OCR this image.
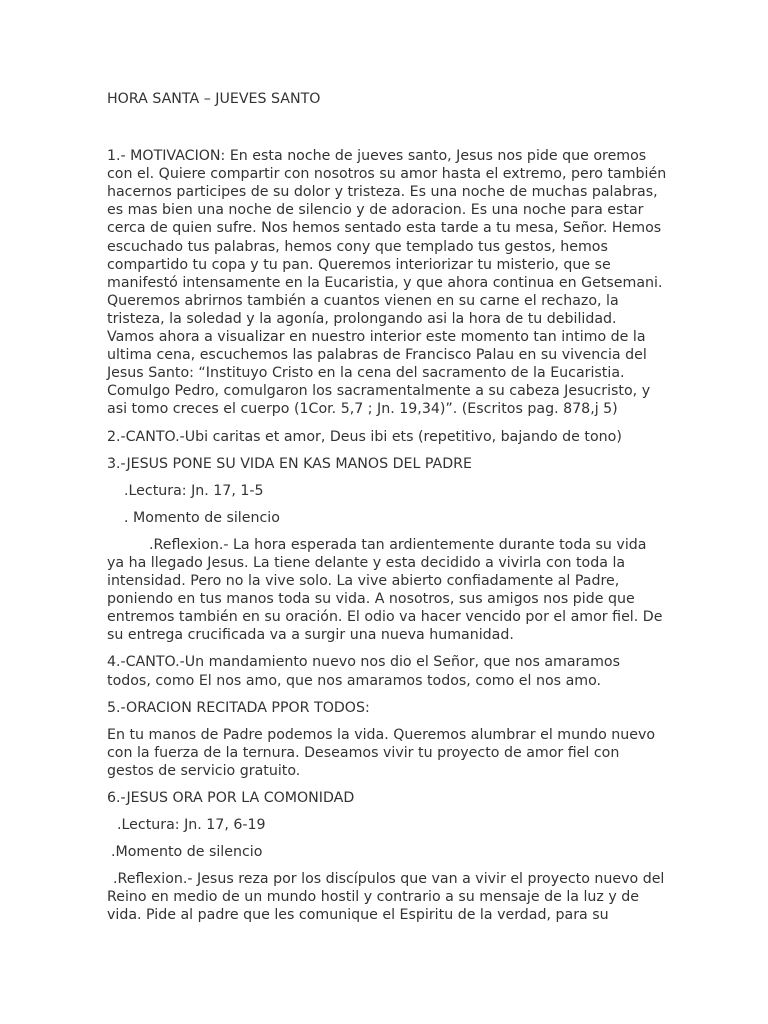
HORA SANTA – JUEVES SANTO

1.- MOTIVACION: En esta noche de jueves santo, Jesus nos pide que oremos con el. Quiere compartir con nosotros su amor hasta el extremo, pero también hacernos participes de su dolor y tristeza. Es una noche de muchas palabras, es mas bien una noche de silencio y de adoracion. Es una noche para estar cerca de quien sufre. Nos hemos sentado esta tarde a tu mesa, Señor. Hemos escuchado tus palabras, hemos cony que templado tus gestos, hemos compartido tu copa y tu pan. Queremos interiorizar tu misterio, que se manifestó intensamente en la Eucaristia, y que ahora continua en Getsemani. Queremos abrirnos también a cuantos vienen en su carne el rechazo, la tristeza, la soledad y la agonía, prolongando asi la hora de tu debilidad. Vamos ahora a visualizar en nuestro interior este momento tan intimo de la ultima cena, escuchemos las palabras de Francisco Palau en su vivencia del Jesus Santo: “Instituyo Cristo en la cena del sacramento de la Eucaristia. Comulgo Pedro, comulgaron los sacramentalmente a su cabeza Jesucristo, y asi tomo creces el cuerpo (1Cor. 5,7 ; Jn. 19,34)”. (Escritos pag. 878,j 5)

2.-CANTO.-Ubi caritas et amor, Deus ibi ets (repetitivo, bajando de tono)

3.-JESUS PONE SU VIDA EN KAS MANOS DEL PADRE

.Lectura: Jn. 17, 1-5

. Momento de silencio

.Reflexion.- La hora esperada tan ardientemente durante toda su vida ya ha llegado Jesus. La tiene delante y esta decidido a vivirla con toda la intensidad. Pero no la vive solo. La vive abierto confiadamente al Padre, poniendo en tus manos toda su vida. A nosotros, sus amigos nos pide que entremos también en su oración. El odio va hacer vencido por el amor fiel. De su entrega crucificada va a surgir una nueva humanidad.

4.-CANTO.-Un mandamiento nuevo nos dio el Señor, que nos amaramos todos, como El nos amo, que nos amaramos todos, como el nos amo.

5.-ORACION RECITADA PPOR TODOS:

En tu manos de Padre podemos la vida. Queremos alumbrar el mundo nuevo con la fuerza de la ternura. Deseamos vivir tu proyecto de amor fiel con gestos de servicio gratuito.

6.-JESUS ORA POR LA COMONIDAD

.Lectura: Jn. 17, 6-19

.Momento de silencio

.Reflexion.- Jesus reza por los discípulos que van a vivir el proyecto nuevo del Reino en medio de un mundo hostil y contrario a su mensaje de la luz y de vida. Pide al padre que les comunique el Espiritu de la verdad, para su
